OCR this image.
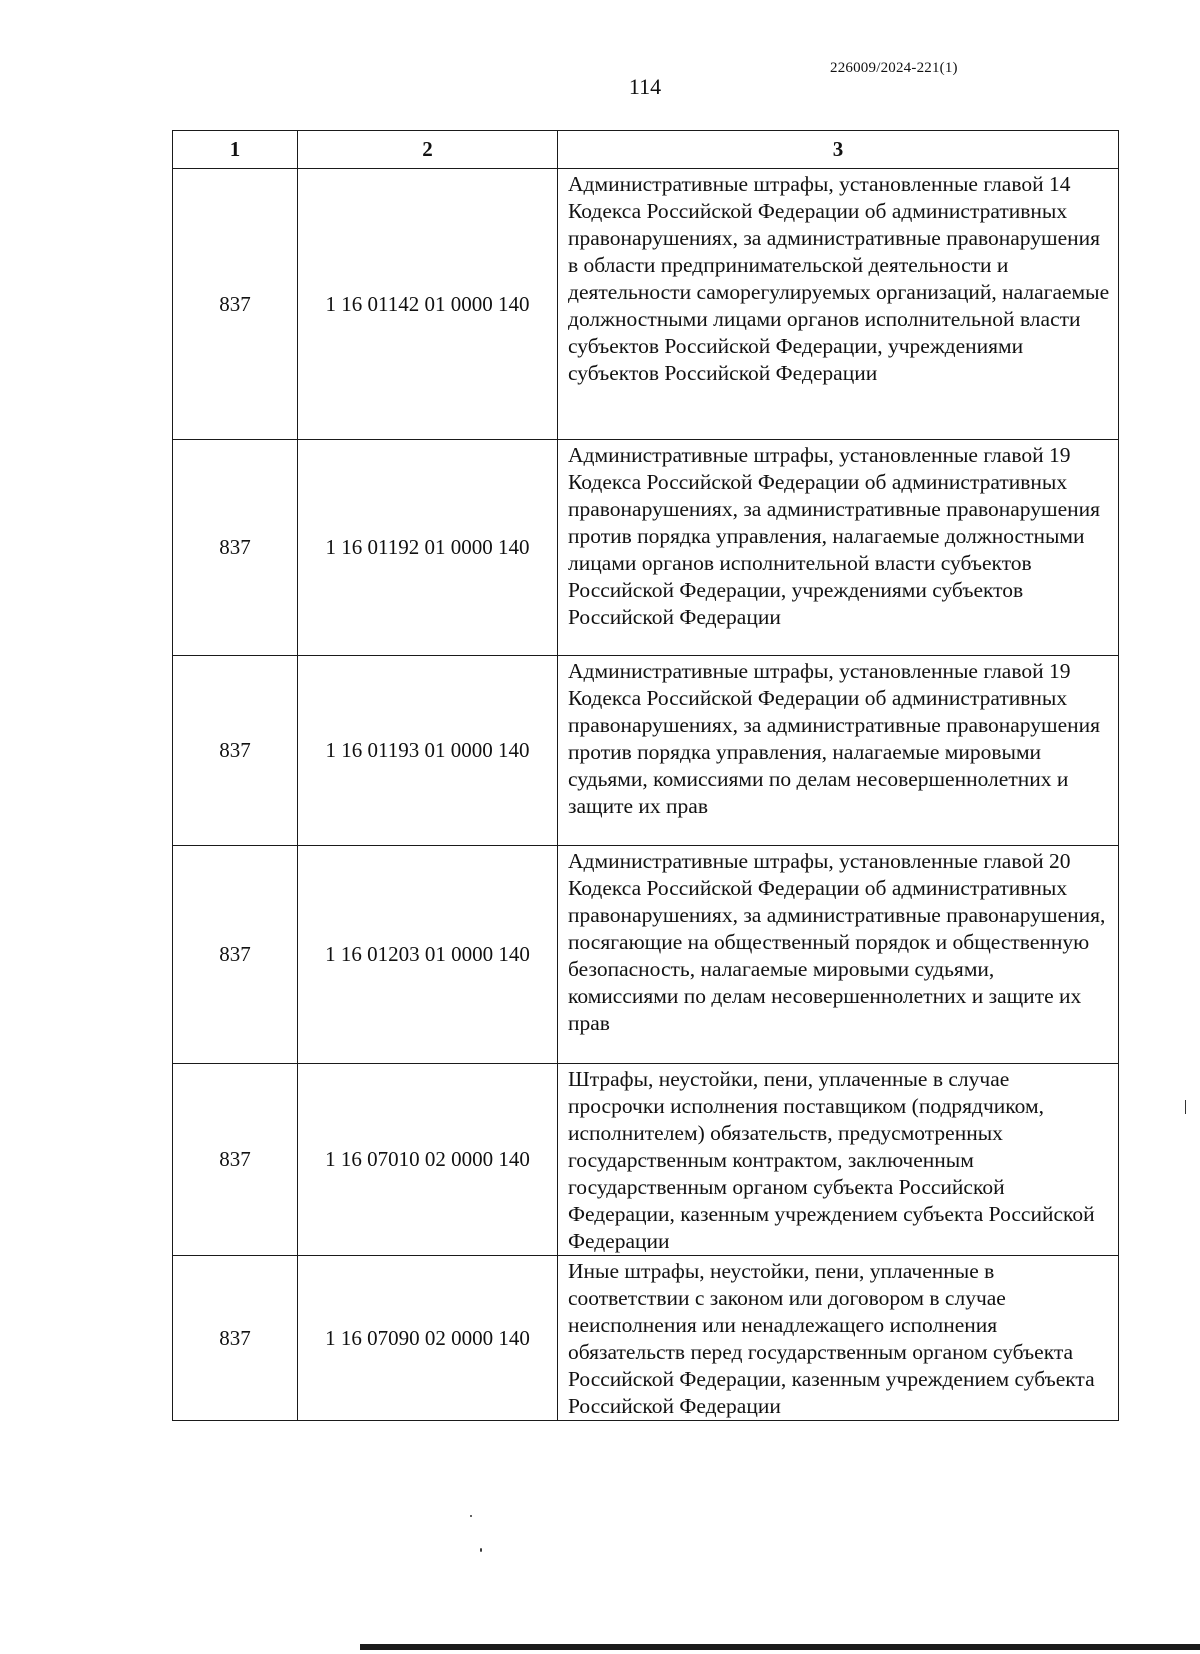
226009/2024-221(1)
114
1	2	3
837	1 16 01142 01 0000 140	Административные штрафы, установленные главой 14 Кодекса Российской Федерации об административных правонарушениях, за административные правонарушения в области предпринимательской деятельности и деятельности саморегулируемых организаций, налагаемые должностными лицами органов исполнительной власти субъектов Российской Федерации, учреждениями субъектов Российской Федерации
837	1 16 01192 01 0000 140	Административные штрафы, установленные главой 19 Кодекса Российской Федерации об административных правонарушениях, за административные правонарушения против порядка управления, налагаемые должностными лицами органов исполнительной власти субъектов Российской Федерации, учреждениями субъектов Российской Федерации
837	1 16 01193 01 0000 140	Административные штрафы, установленные главой 19 Кодекса Российской Федерации об административных правонарушениях, за административные правонарушения против порядка управления, налагаемые мировыми судьями, комиссиями по делам несовершеннолетних и защите их прав
837	1 16 01203 01 0000 140	Административные штрафы, установленные главой 20 Кодекса Российской Федерации об административных правонарушениях, за административные правонарушения, посягающие на общественный порядок и общественную безопасность, налагаемые мировыми судьями, комиссиями по делам несовершеннолетних и защите их прав
837	1 16 07010 02 0000 140	Штрафы, неустойки, пени, уплаченные в случае просрочки исполнения поставщиком (подрядчиком, исполнителем) обязательств, предусмотренных государственным контрактом, заключенным государственным органом субъекта Российской Федерации, казенным учреждением субъекта Российской Федерации
837	1 16 07090 02 0000 140	Иные штрафы, неустойки, пени, уплаченные в соответствии с законом или договором в случае неисполнения или ненадлежащего исполнения обязательств перед государственным органом субъекта Российской Федерации, казенным учреждением субъекта Российской Федерации
